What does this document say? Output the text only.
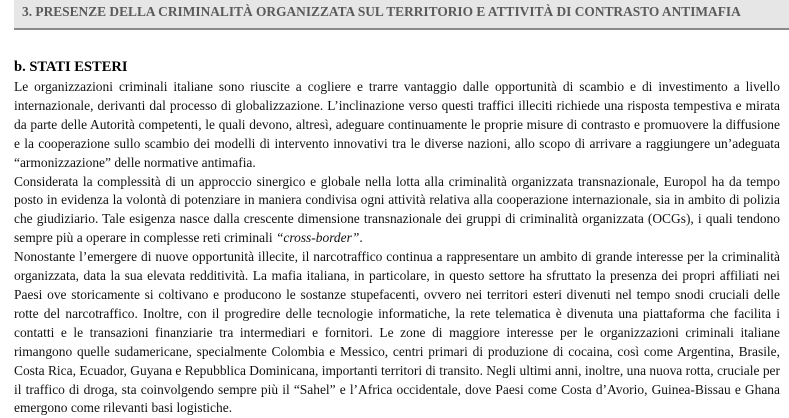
3. PRESENZE DELLA CRIMINALITÀ ORGANIZZATA SUL TERRITORIO E ATTIVITÀ DI CONTRASTO ANTIMAFIA
b. STATI ESTERI

Le organizzazioni criminali italiane sono riuscite a cogliere e trarre vantaggio dalle opportunità di scambio e di investimento a livello internazionale, derivanti dal processo di globalizzazione. L’inclinazione verso questi traffici illeciti richiede una risposta tempestiva e mirata da parte delle Autorità competenti, le quali devono, altresì, adeguare continuamente le proprie misure di contrasto e promuovere la diffusione e la cooperazione sullo scambio dei modelli di intervento innovativi tra le diverse nazioni, allo scopo di arrivare a raggiungere un’adeguata “armonizzazione” delle normative antimafia.

Considerata la complessità di un approccio sinergico e globale nella lotta alla criminalità organizzata transnazionale, Europol ha da tempo posto in evidenza la volontà di potenziare in maniera condivisa ogni attività relativa alla cooperazione internazionale, sia in ambito di polizia che giudiziario. Tale esigenza nasce dalla crescente dimensione transnazionale dei gruppi di criminalità organizzata (OCGs), i quali tendono sempre più a operare in complesse reti criminali “cross-border”.

Nonostante l’emergere di nuove opportunità illecite, il narcotraffico continua a rappresentare un ambito di grande interesse per la criminalità organizzata, data la sua elevata redditività. La mafia italiana, in particolare, in questo settore ha sfruttato la presenza dei propri affiliati nei Paesi ove storicamente si coltivano e producono le sostanze stupefacenti, ovvero nei territori esteri divenuti nel tempo snodi cruciali delle rotte del narcotraffico. Inoltre, con il progredire delle tecnologie informatiche, la rete telematica è divenuta una piattaforma che facilita i contatti e le transazioni finanziarie tra intermediari e fornitori. Le zone di maggiore interesse per le organizzazioni criminali italiane rimangono quelle sudamericane, specialmente Colombia e Messico, centri primari di produzione di cocaina, così come Argentina, Brasile, Costa Rica, Ecuador, Guyana e Repubblica Dominicana, importanti territori di transito. Negli ultimi anni, inoltre, una nuova rotta, cruciale per il traffico di droga, sta coinvolgendo sempre più il “Sahel” e l’Africa occidentale, dove Paesi come Costa d’Avorio, Guinea-Bissau e Ghana emergono come rilevanti basi logistiche.
